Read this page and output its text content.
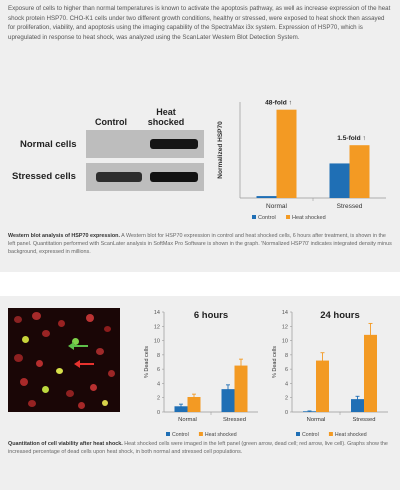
Exposure of cells to higher than normal temperatures is known to activate the apoptosis pathway, as well as increase expression of the heat shock protein HSP70. CHO-K1 cells under two different growth conditions, healthy or stressed, were exposed to heat shock then assayed for proliferation, viability, and apoptosis using the imaging capability of the SpectraMax i3x system. Expression of HSP70, which is upregulated in response to heat shock, was analyzed using the ScanLater Western Blot Detection System.

Control
Heat
shocked
Normal cells
Stressed cells	Normalized HSP70
Normal
48-fold ↑
Stressed
1.5-fold ↑
Control	Heat shocked

Western blot analysis of HSP70 expression. A Western blot for HSP70 expression in control and heat shocked cells, 6 hours after treatment, is shown in the left panel. Quantitation performed with ScanLater analysis in SoftMax Pro Software is shown in the graph. 'Normalized HSP70' indicates integrated density minus background, expressed in millions.

Quantitation of cell viability after heat shock. Heat shocked cells were imaged in the left panel (green arrow, dead cell; red arrow, live cell). Graphs show the increased percentage of dead cells upon heat shock, in both normal and stressed cell populations.

% Dead cells
6 hours
0
2
4
6
8
10
12
14
Normal	Stressed
Control	Heat shocked
% Dead cells
24 hours
0
2
4
6
8
10
12
14
Normal	Stressed
Control	Heat shocked
